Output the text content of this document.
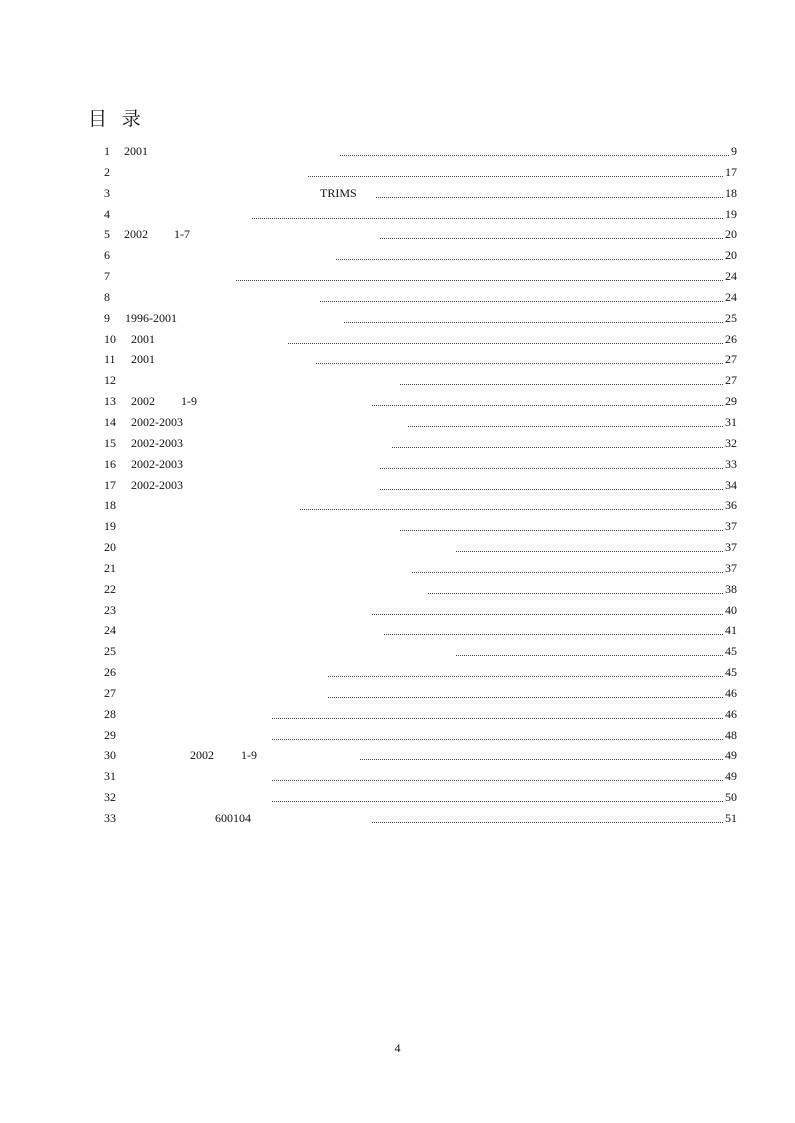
目 录
1 2001	9
2	17
3	TRIMS	18
4	19
5 2002 1-7	20
6	20
7	24
8	24
9 1996-2001	25
10 2001	26
11 2001	27
12	27
13 2002 1-9	29
14 2002-2003	31
15 2002-2003	32
16 2002-2003	33
17 2002-2003	34
18	36
19	37
20	37
21	37
22	38
23	40
24	41
25	45
26	45
27	46
28	46
29	48
30	2002 1-9	49
31	49
32	50
33	600104	51
4
